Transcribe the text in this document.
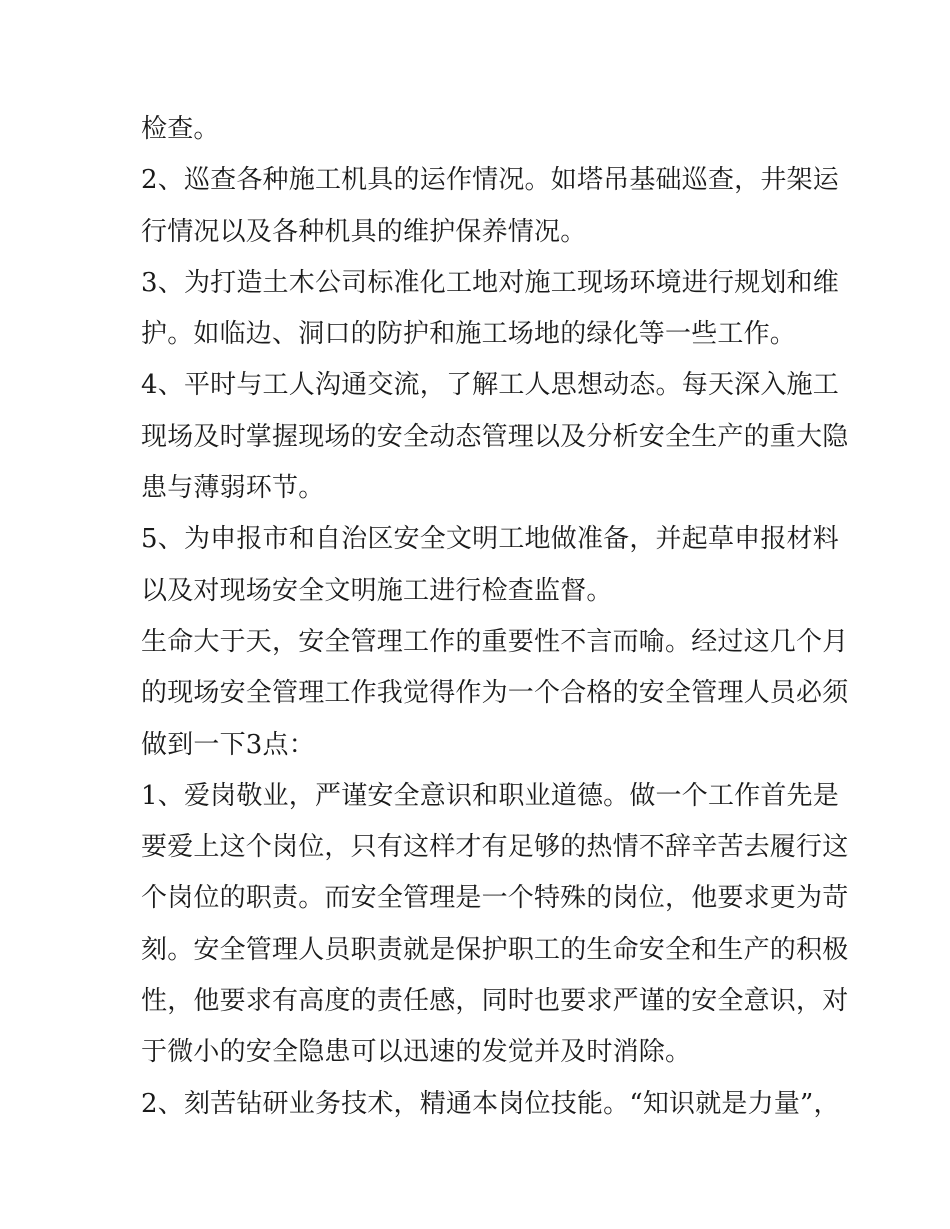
检查。
2、巡查各种施工机具的运作情况。如塔吊基础巡查，井架运
行情况以及各种机具的维护保养情况。
3、为打造土木公司标准化工地对施工现场环境进行规划和维
护。如临边、洞口的防护和施工场地的绿化等一些工作。
4、平时与工人沟通交流，了解工人思想动态。每天深入施工
现场及时掌握现场的安全动态管理以及分析安全生产的重大隐
患与薄弱环节。
5、为申报市和自治区安全文明工地做准备，并起草申报材料
以及对现场安全文明施工进行检查监督。
生命大于天，安全管理工作的重要性不言而喻。经过这几个月
的现场安全管理工作我觉得作为一个合格的安全管理人员必须
做到一下3点：
1、爱岗敬业，严谨安全意识和职业道德。做一个工作首先是
要爱上这个岗位，只有这样才有足够的热情不辞辛苦去履行这
个岗位的职责。而安全管理是一个特殊的岗位，他要求更为苛
刻。安全管理人员职责就是保护职工的生命安全和生产的积极
性，他要求有高度的责任感，同时也要求严谨的安全意识，对
于微小的安全隐患可以迅速的发觉并及时消除。
2、刻苦钻研业务技术，精通本岗位技能。“知识就是力量”，
